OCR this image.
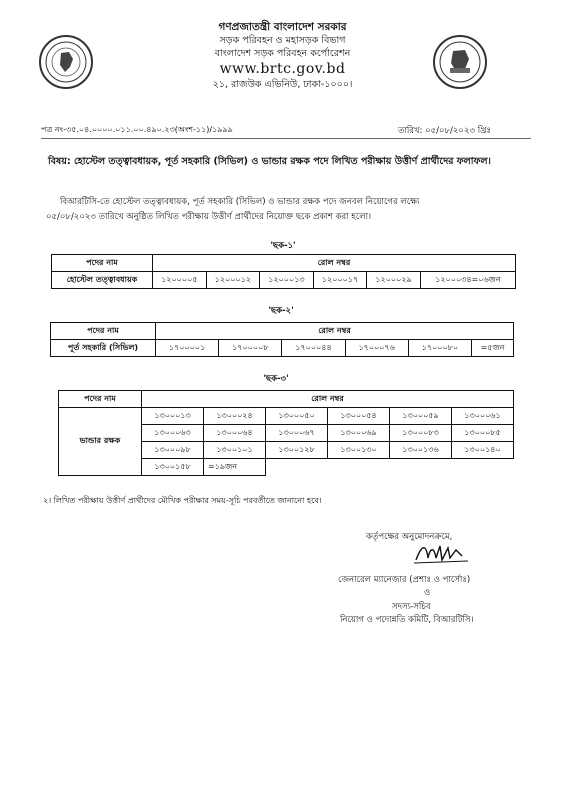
গণপ্রজাতন্ত্রী বাংলাদেশ সরকার
সড়ক পরিবহন ও মহাসড়ক বিভাগ
বাংলাদেশ সড়ক পরিবহন কর্পোরেশন
www.brtc.gov.bd
২১, রাজউক এভিনিউ, ঢাকা-১০০০।
পত্র নং-৩৫.০৪.০০০০.০১১.০০.৪৯০.২৩(অংশ-১১)/১৯৯৯	তারিখ: ০৫/০৮/২০২৩ খ্রিঃ
বিষয়: হোস্টেল তত্ত্বাবধায়ক, পূর্ত সহকারি (সিভিল) ও ভান্ডার রক্ষক পদে লিখিত পরীক্ষায় উত্তীর্ণ প্রার্থীদের ফলাফল।
বিআরটিসি-তে হোস্টেল তত্ত্বাবধায়ক, পূর্ত সহকারি (সিভিল) ও ভান্ডার রক্ষক পদে জনবল নিয়োগের লক্ষ্যে
০৫/০৮/২০২৩ তারিখে অনুষ্ঠিত লিখিত পরীক্ষায় উত্তীর্ণ প্রার্থীদের নিয়োক্ত ছকে প্রকাশ করা হলো।
'ছক-১'
পদের নাম	রোল নম্বর					
হোস্টেল তত্ত্বাবধায়ক	১২০০০০৫	১২০০০১২	১২০০০১৩	১২০০০১৭	১২০০০২৯	১২০০০৩৪=০৬জন
'ছক-২'
পদের নাম	রোল নম্বর					
পূর্ত সহকারি (সিভিল)	১৭০০০০১	১৭০০০০৮	১৭০০০৪৪	১৭০০০৭৬	১৭০০০৮০	=৫জন
'ছক-৩'
পদের নাম	রোল নম্বর					
ভান্ডার রক্ষক	১৩০০০১৩	১৩০০০২৪	১৩০০০৫০	১৩০০০৫৪	১৩০০০৫৯	১৩০০০৬১
	১৩০০০৬৩	১৩০০০৬৪	১৩০০০৬৭	১৩০০০৬৯	১৩০০০৮৩	১৩০০০৮৫
	১৩০০০৯৮	১৩০০১০১	১৩০০১২৮	১৩০০১৩০	১৩০০১৩৬	১৩০০১৪০
	১৩০০১৫৮	=১৯জন				
২। লিখিত পরীক্ষায় উত্তীর্ণ প্রার্থীদের মৌখিক পরীক্ষার সময়-সূচি পরবর্তীতে জানানো হবে।
কর্তৃপক্ষের অনুমোদনক্রমে,
জেনারেল ম্যানেজার (প্রশাঃ ও পার্সোঃ)
ও
সদস্য-সচিব
নিয়োগ ও পদোন্নতি কমিটি, বিআরটিসি।
